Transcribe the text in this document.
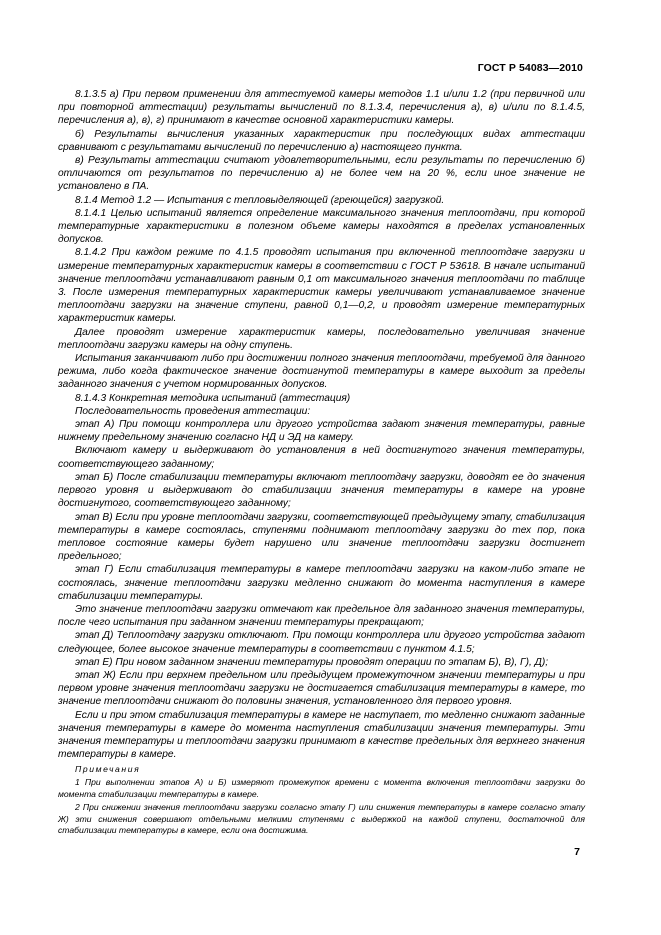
ГОСТ Р 54083—2010

8.1.3.5 а) При первом применении для аттестуемой камеры методов 1.1 и/или 1.2 (при первичной или при повторной аттестации) результаты вычислений по 8.1.3.4, перечисления а), в) и/или по 8.1.4.5, перечисления а), в), г) принимают в качестве основной характеристики камеры.

б) Результаты вычисления указанных характеристик при последующих видах аттестации сравнивают с результатами вычислений по перечислению а) настоящего пункта.

в) Результаты аттестации считают удовлетворительными, если результаты по перечислению б) отличаются от результатов по перечислению а) не более чем на 20 %, если иное значение не установлено в ПА.

8.1.4 Метод 1.2 — Испытания с тепловыделяющей (греющейся) загрузкой.

8.1.4.1 Целью испытаний является определение максимального значения теплоотдачи, при которой температурные характеристики в полезном объеме камеры находятся в пределах установленных допусков.

8.1.4.2 При каждом режиме по 4.1.5 проводят испытания при включенной теплоотдаче загрузки и измерение температурных характеристик камеры в соответствии с ГОСТ Р 53618. В начале испытаний значение теплоотдачи устанавливают равным 0,1 от максимального значения теплоотдачи по таблице 3. После измерения температурных характеристик камеры увеличивают устанавливаемое значение теплоотдачи загрузки на значение ступени, равной 0,1—0,2, и проводят измерение температурных характеристик камеры.

Далее проводят измерение характеристик камеры, последовательно увеличивая значение теплоотдачи загрузки камеры на одну ступень.

Испытания заканчивают либо при достижении полного значения теплоотдачи, требуемой для данного режима, либо когда фактическое значение достигнутой температуры в камере выходит за пределы заданного значения с учетом нормированных допусков.

8.1.4.3 Конкретная методика испытаний (аттестация)

Последовательность проведения аттестации:

этап А) При помощи контроллера или другого устройства задают значения температуры, равные нижнему предельному значению согласно НД и ЭД на камеру.

Включают камеру и выдерживают до установления в ней достигнутого значения температуры, соответствующего заданному;

этап Б) После стабилизации температуры включают теплоотдачу загрузки, доводят ее до значения первого уровня и выдерживают до стабилизации значения температуры в камере на уровне достигнутого, соответствующего заданному;

этап В) Если при уровне теплоотдачи загрузки, соответствующей предыдущему этапу, стабилизация температуры в камере состоялась, ступенями поднимают теплоотдачу загрузки до тех пор, пока тепловое состояние камеры будет нарушено или значение теплоотдачи загрузки достигнет предельного;

этап Г) Если стабилизация температуры в камере теплоотдачи загрузки на каком-либо этапе не состоялась, значение теплоотдачи загрузки медленно снижают до момента наступления в камере стабилизации температуры.

Это значение теплоотдачи загрузки отмечают как предельное для заданного значения температуры, после чего испытания при заданном значении температуры прекращают;

этап Д) Теплоотдачу загрузки отключают. При помощи контроллера или другого устройства задают следующее, более высокое значение температуры в соответствии с пунктом 4.1.5;

этап Е) При новом заданном значении температуры проводят операции по этапам Б), В), Г), Д);

этап Ж) Если при верхнем предельном или предыдущем промежуточном значении температуры и при первом уровне значения теплоотдачи загрузки не достигается стабилизация температуры в камере, то значение теплоотдачи снижают до половины значения, установленного для первого уровня.

Если и при этом стабилизация температуры в камере не наступает, то медленно снижают заданные значения температуры в камере до момента наступления стабилизации значения температуры. Эти значения температуры и теплоотдачи загрузки принимают в качестве предельных для верхнего значения температуры в камере.

Примечания

1 При выполнении этапов А) и Б) измеряют промежуток времени с момента включения теплоотдачи загрузки до момента стабилизации температуры в камере.

2 При снижении значения теплоотдачи загрузки согласно этапу Г) или снижения температуры в камере согласно этапу Ж) эти снижения совершают отдельными мелкими ступенями с выдержкой на каждой ступени, достаточной для стабилизации температуры в камере, если она достижима.

7
